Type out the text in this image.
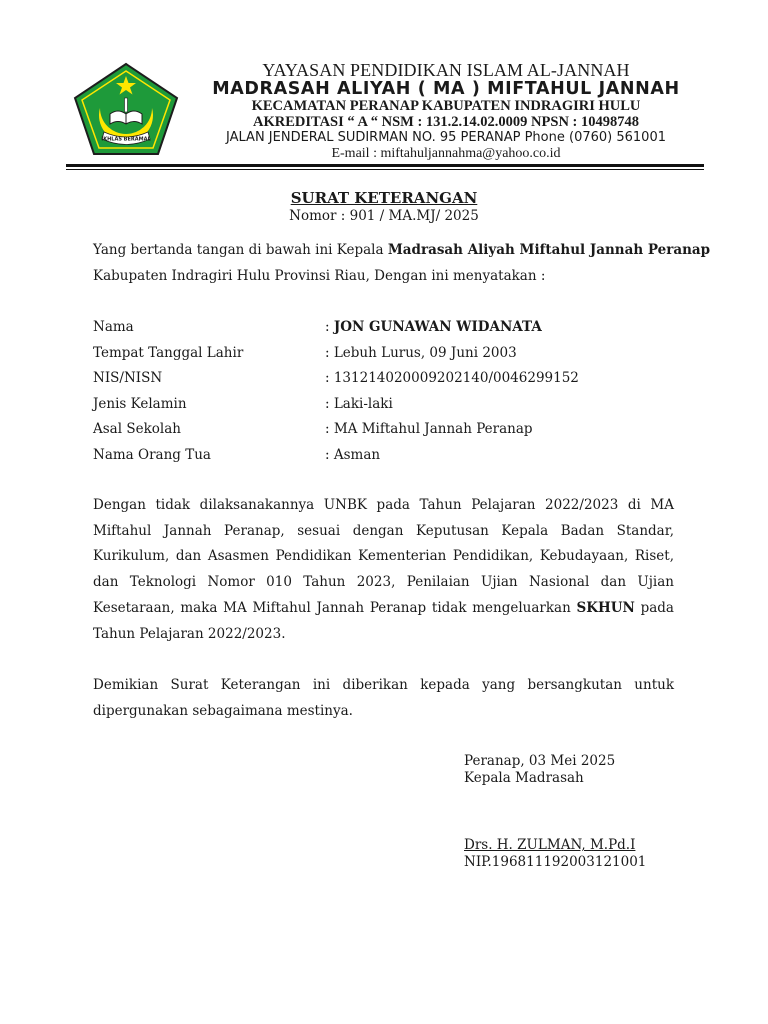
IKHLAS BERAMAL
YAYASAN PENDIDIKAN ISLAM AL-JANNAH
MADRASAH ALIYAH ( MA ) MIFTAHUL JANNAH
KECAMATAN PERANAP KABUPATEN INDRAGIRI HULU
AKREDITASI “ A “ NSM : 131.2.14.02.0009 NPSN : 10498748
JALAN JENDERAL SUDIRMAN NO. 95 PERANAP Phone (0760) 561001
E-mail : miftahuljannahma@yahoo.co.id
SURAT KETERANGAN
Nomor : 901 / MA.MJ/ 2025
Yang bertanda tangan di bawah ini Kepala Madrasah Aliyah Miftahul Jannah Peranap
Kabupaten Indragiri Hulu Provinsi Riau, Dengan ini menyatakan :
Nama	: JON GUNAWAN WIDANATA
Tempat Tanggal Lahir	: Lebuh Lurus, 09 Juni 2003
NIS/NISN	: 131214020009202140/0046299152
Jenis Kelamin	: Laki-laki
Asal Sekolah	: MA Miftahul Jannah Peranap
Nama Orang Tua	: Asman
Dengan tidak dilaksanakannya UNBK pada Tahun Pelajaran 2022/2023 di MA Miftahul Jannah Peranap, sesuai dengan Keputusan Kepala Badan Standar, Kurikulum, dan Asasmen Pendidikan Kementerian Pendidikan, Kebudayaan, Riset, dan Teknologi Nomor 010 Tahun 2023, Penilaian Ujian Nasional dan Ujian Kesetaraan, maka MA Miftahul Jannah Peranap tidak mengeluarkan SKHUN pada Tahun Pelajaran 2022/2023.
Demikian Surat Keterangan ini diberikan kepada yang bersangkutan untuk dipergunakan sebagaimana mestinya.
Peranap, 03 Mei 2025
Kepala Madrasah
Drs. H. ZULMAN, M.Pd.I
NIP.196811192003121001
